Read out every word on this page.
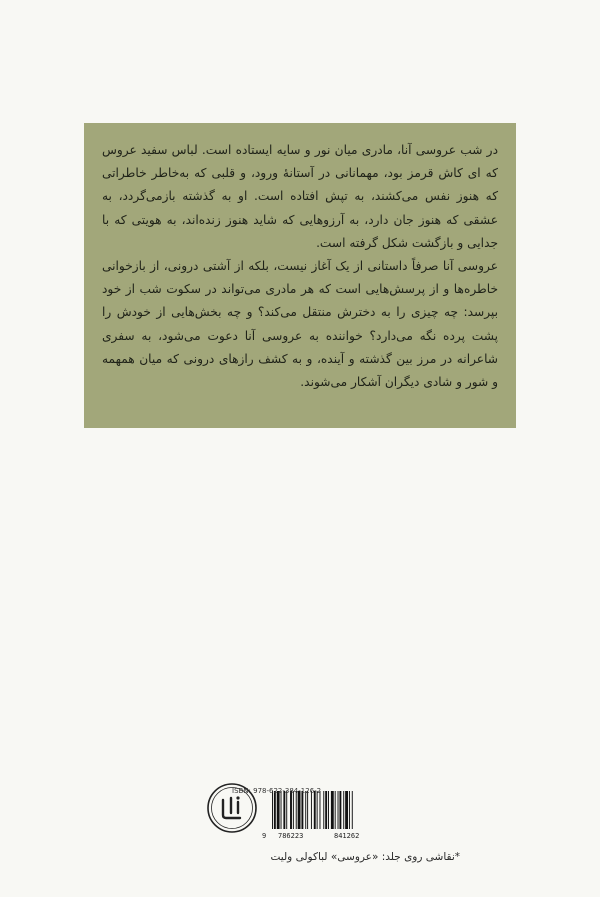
در شب عروسی آنا، مادری میان نور و سایه ایستاده است. لباس سفید عروس که ای کاش قرمز بود، مهمانانی در آستانهٔ ورود، و قلبی که به‌خاطر خاطراتی که هنوز نفس می‌کشند، به تپش افتاده است. او به گذشته بازمی‌گردد، به عشقی که هنوز جان دارد، به آرزوهایی که شاید هنوز زنده‌اند، به هویتی که با جدایی و بازگشت شکل گرفته است.

عروسی آنا صرفاً داستانی از یک آغاز نیست، بلکه از آشتی درونی، از بازخوانی خاطره‌ها و از پرسش‌هایی است که هر مادری می‌تواند در سکوت شب از خود بپرسد: چه چیزی را به دخترش منتقل می‌کند؟ و چه بخش‌هایی از خودش را پشت پرده نگه می‌دارد؟ خواننده به عروسی آنا دعوت می‌شود، به سفری شاعرانه در مرز بین گذشته و آینده، و به کشف رازهای درونی که میان همهمه و شور و شادی دیگران آشکار می‌شوند.

ISBN: 978-622-384-126-2
9 786223	841262
*نقاشی روی جلد: «عروسی» لباکولی ولیت
